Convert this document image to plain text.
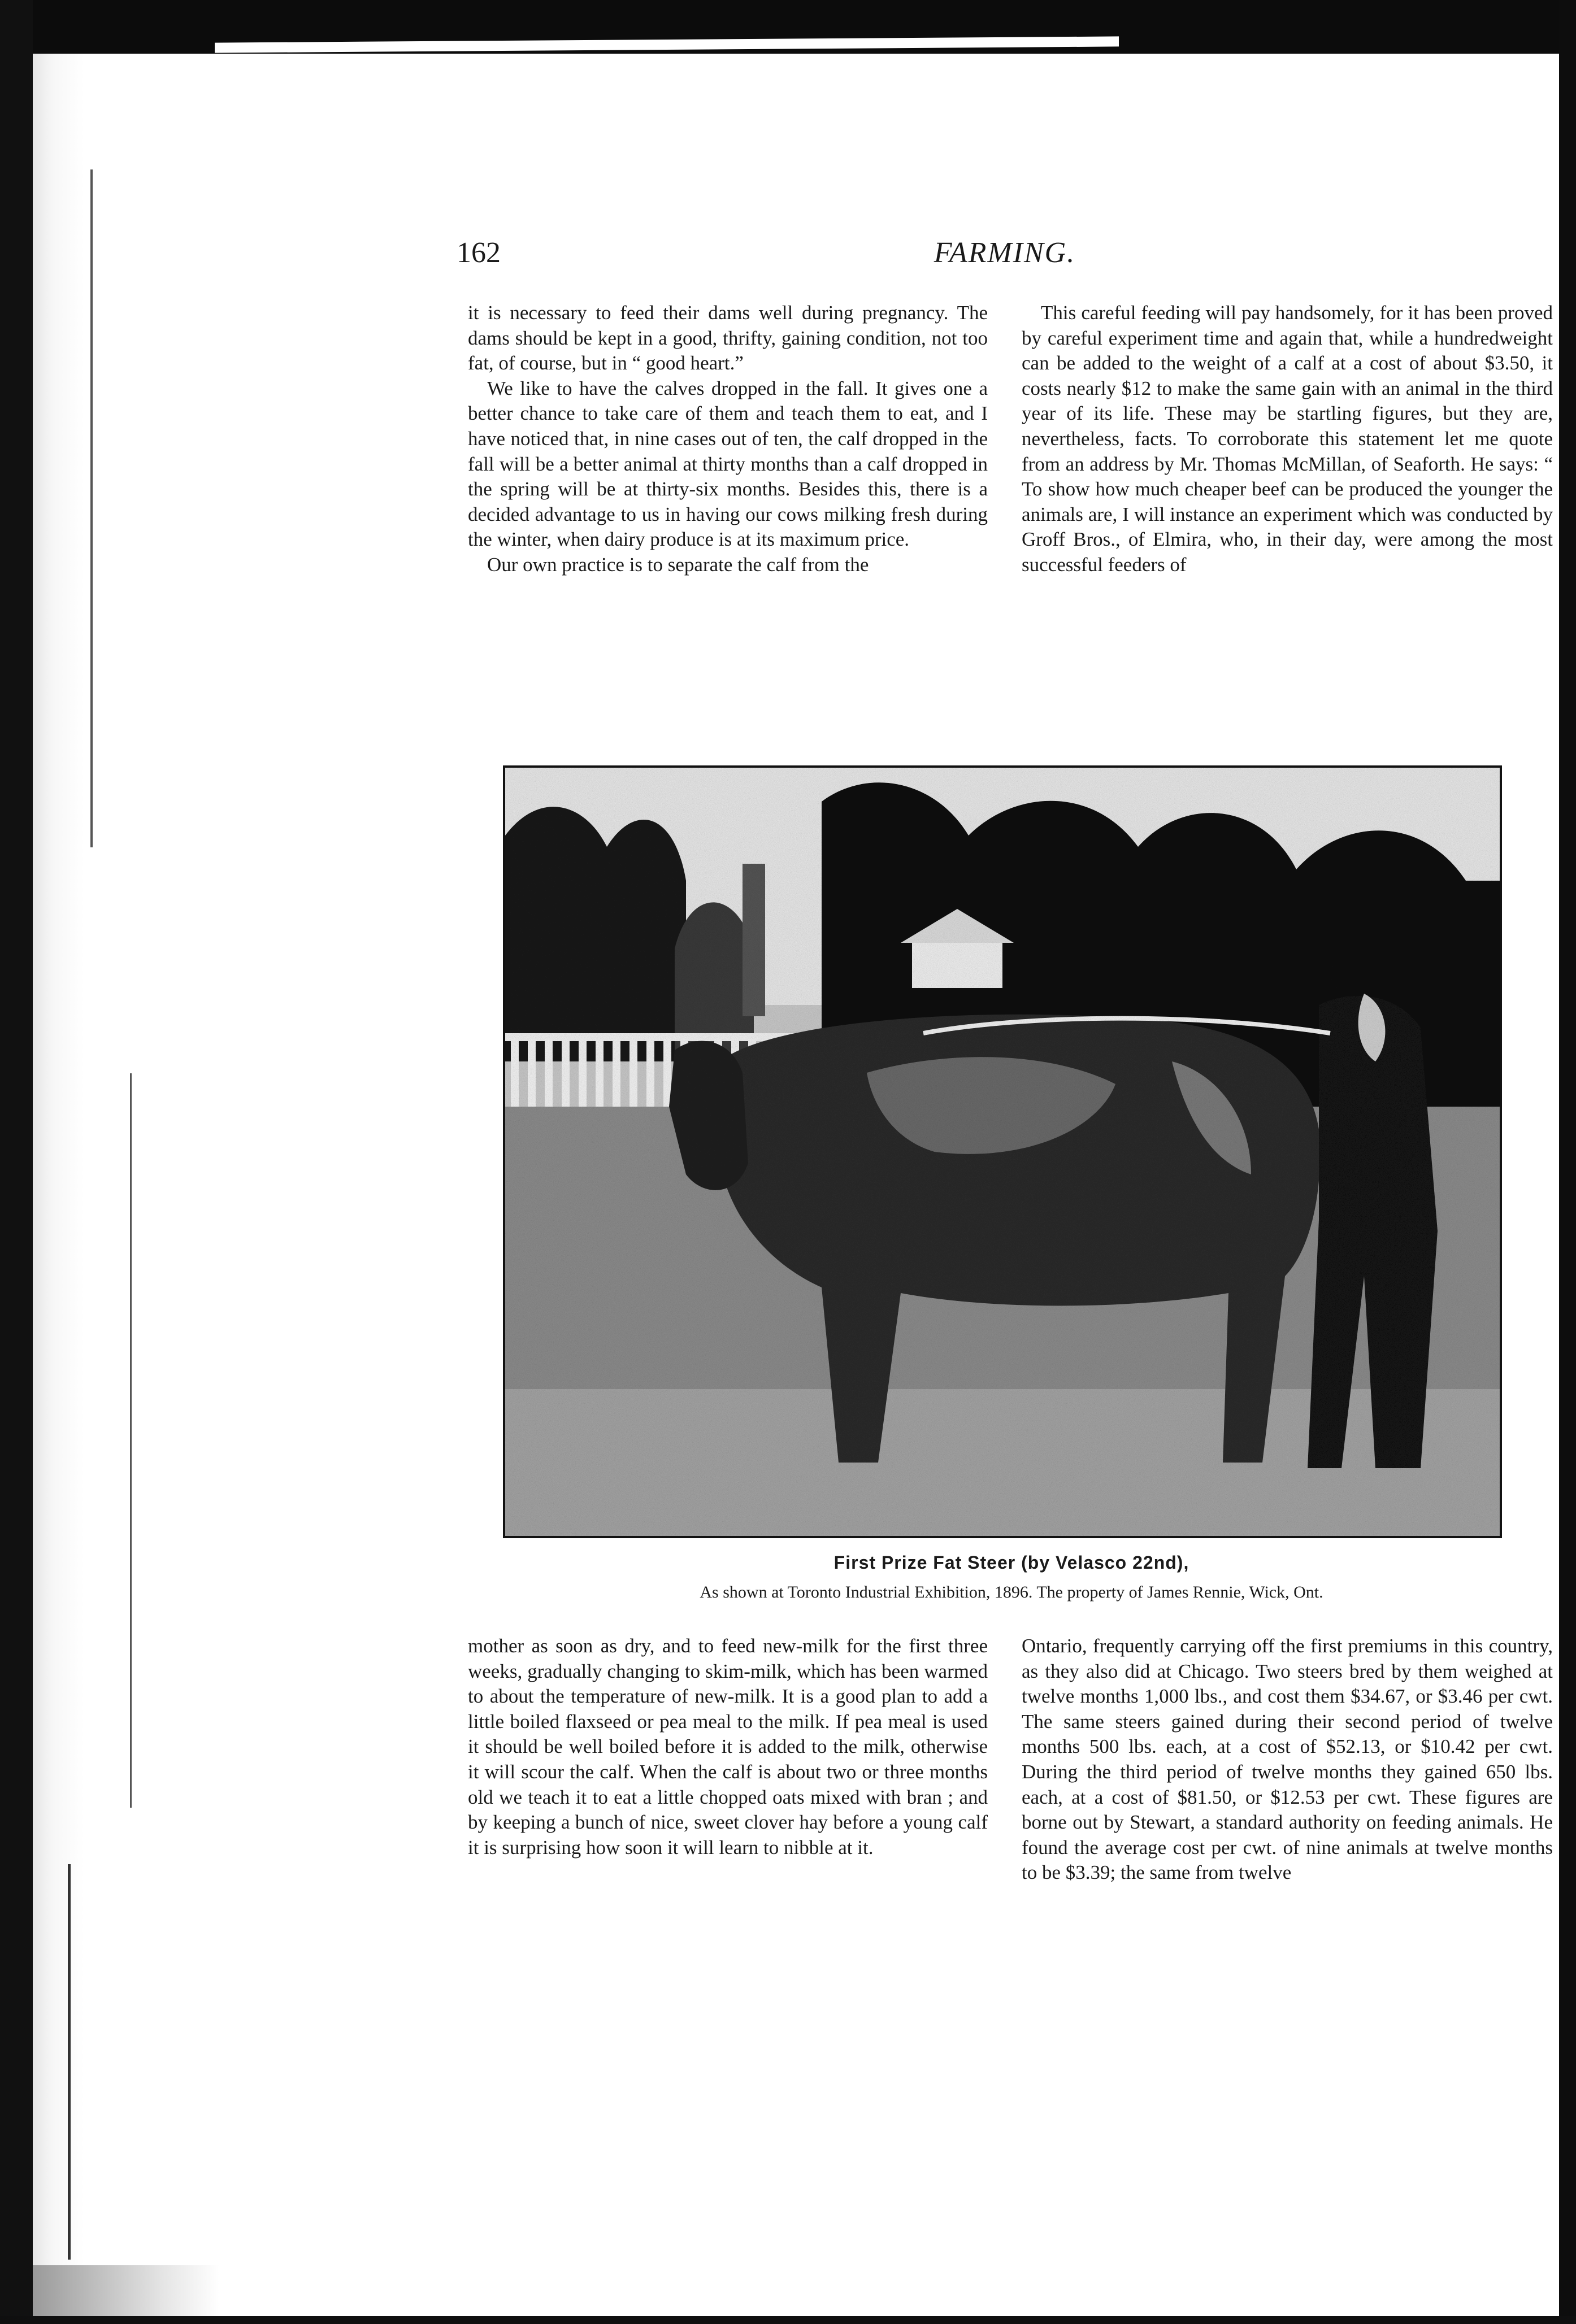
162	FARMING.

it is necessary to feed their dams well during pregnancy. The dams should be kept in a good, thrifty, gaining condition, not too fat, of course, but in “ good heart.”

We like to have the calves dropped in the fall. It gives one a better chance to take care of them and teach them to eat, and I have noticed that, in nine cases out of ten, the calf dropped in the fall will be a better animal at thirty months than a calf dropped in the spring will be at thirty-six months. Besides this, there is a decided advantage to us in having our cows milking fresh during the winter, when dairy produce is at its maximum price.

Our own practice is to separate the calf from the

This careful feeding will pay handsomely, for it has been proved by careful experiment time and again that, while a hundredweight can be added to the weight of a calf at a cost of about $3.50, it costs nearly $12 to make the same gain with an animal in the third year of its life. These may be startling figures, but they are, nevertheless, facts. To corroborate this statement let me quote from an address by Mr. Thomas McMillan, of Seaforth. He says: “ To show how much cheaper beef can be produced the younger the animals are, I will instance an experiment which was conducted by Groff Bros., of Elmira, who, in their day, were among the most successful feeders of

First Prize Fat Steer (by Velasco 22nd),
As shown at Toronto Industrial Exhibition, 1896. The property of James Rennie, Wick, Ont.

mother as soon as dry, and to feed new-milk for the first three weeks, gradually changing to skim-milk, which has been warmed to about the temperature of new-milk. It is a good plan to add a little boiled flaxseed or pea meal to the milk. If pea meal is used it should be well boiled before it is added to the milk, otherwise it will scour the calf. When the calf is about two or three months old we teach it to eat a little chopped oats mixed with bran ; and by keeping a bunch of nice, sweet clover hay before a young calf it is surprising how soon it will learn to nibble at it.

Ontario, frequently carrying off the first premiums in this country, as they also did at Chicago. Two steers bred by them weighed at twelve months 1,000 lbs., and cost them $34.67, or $3.46 per cwt. The same steers gained during their second period of twelve months 500 lbs. each, at a cost of $52.13, or $10.42 per cwt. During the third period of twelve months they gained 650 lbs. each, at a cost of $81.50, or $12.53 per cwt. These figures are borne out by Stewart, a standard authority on feeding animals. He found the average cost per cwt. of nine animals at twelve months to be $3.39; the same from twelve
